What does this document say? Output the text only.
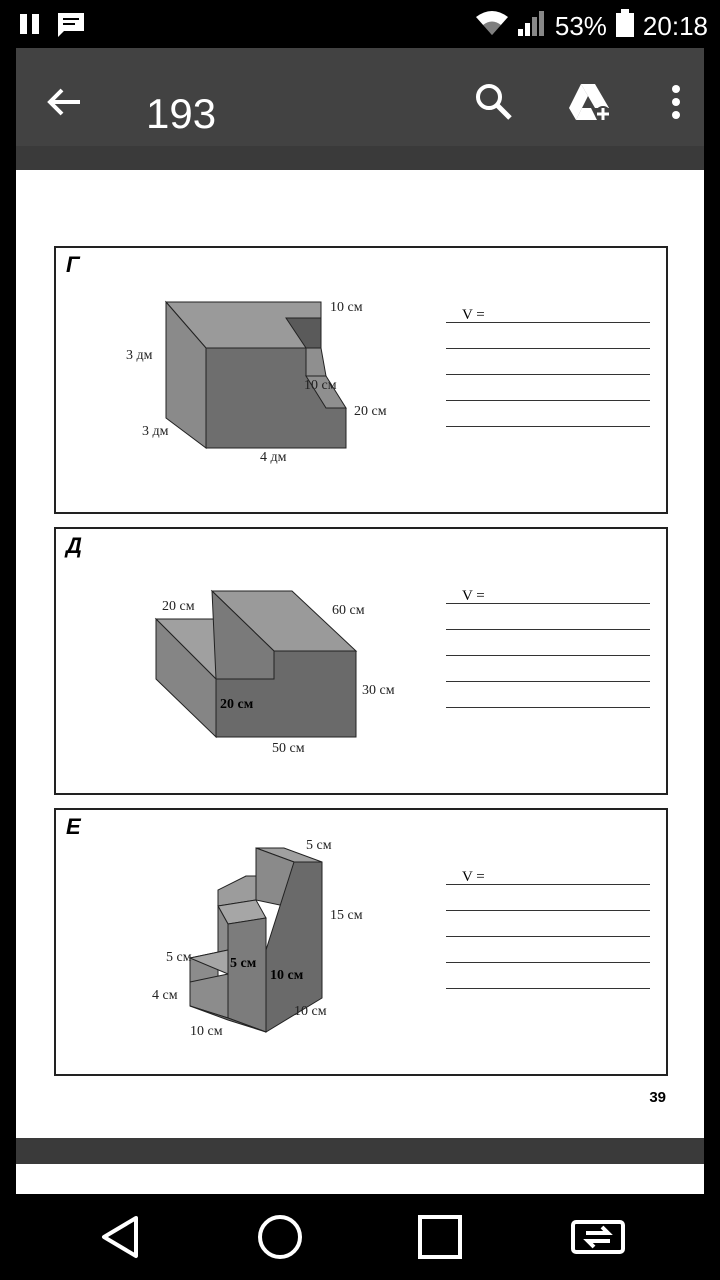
53% 20:18
193
Г
10 см
3 дм
10 см
20 см
3 дм
4 дм
V =
Д
20 см	60 см
30 см
20 см
50 см
V =
Е
5 см
15 см
5 см	5 см
10 см
4 см
10 см
10 см
V =
39
